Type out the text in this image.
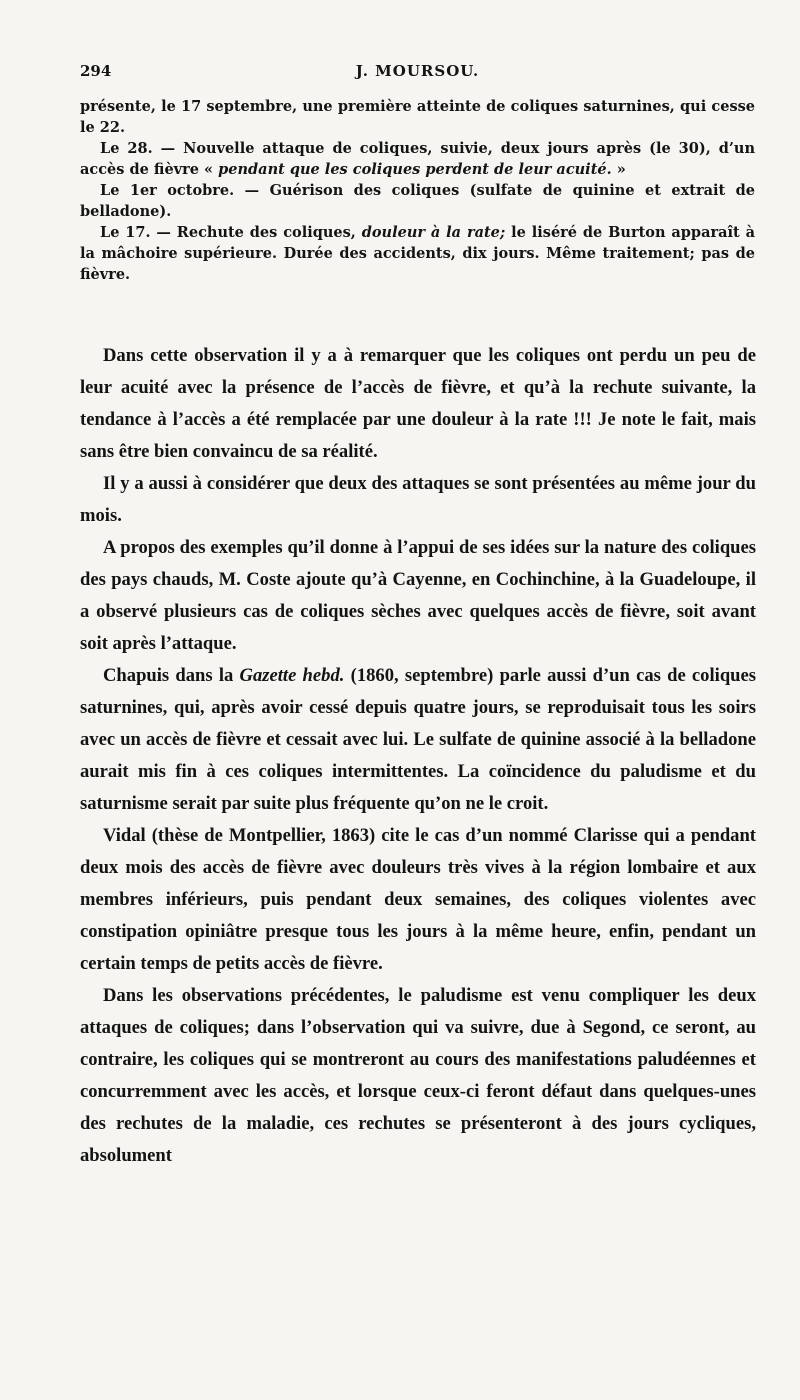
294	J. MOURSOU.

présente, le 17 septembre, une première atteinte de coliques saturnines, qui cesse le 22.

Le 28. — Nouvelle attaque de coliques, suivie, deux jours après (le 30), d’un accès de fièvre « pendant que les coliques perdent de leur acuité. »

Le 1er octobre. — Guérison des coliques (sulfate de quinine et extrait de belladone).

Le 17. — Rechute des coliques, douleur à la rate; le liséré de Burton apparaît à la mâchoire supérieure. Durée des accidents, dix jours. Même traitement; pas de fièvre.

Dans cette observation il y a à remarquer que les coliques ont perdu un peu de leur acuité avec la présence de l’accès de fièvre, et qu’à la rechute suivante, la tendance à l’accès a été remplacée par une douleur à la rate !!! Je note le fait, mais sans être bien convaincu de sa réalité.

Il y a aussi à considérer que deux des attaques se sont présentées au même jour du mois.

A propos des exemples qu’il donne à l’appui de ses idées sur la nature des coliques des pays chauds, M. Coste ajoute qu’à Cayenne, en Cochinchine, à la Guadeloupe, il a observé plusieurs cas de coliques sèches avec quelques accès de fièvre, soit avant soit après l’attaque.

Chapuis dans la Gazette hebd. (1860, septembre) parle aussi d’un cas de coliques saturnines, qui, après avoir cessé depuis quatre jours, se reproduisait tous les soirs avec un accès de fièvre et cessait avec lui. Le sulfate de quinine associé à la belladone aurait mis fin à ces coliques intermittentes. La coïncidence du paludisme et du saturnisme serait par suite plus fréquente qu’on ne le croit.

Vidal (thèse de Montpellier, 1863) cite le cas d’un nommé Clarisse qui a pendant deux mois des accès de fièvre avec douleurs très vives à la région lombaire et aux membres inférieurs, puis pendant deux semaines, des coliques violentes avec constipation opiniâtre presque tous les jours à la même heure, enfin, pendant un certain temps de petits accès de fièvre.

Dans les observations précédentes, le paludisme est venu compliquer les deux attaques de coliques; dans l’observation qui va suivre, due à Segond, ce seront, au contraire, les coliques qui se montreront au cours des manifestations paludéennes et concurremment avec les accès, et lorsque ceux-ci feront défaut dans quelques-unes des rechutes de la maladie, ces rechutes se présenteront à des jours cycliques, absolument
